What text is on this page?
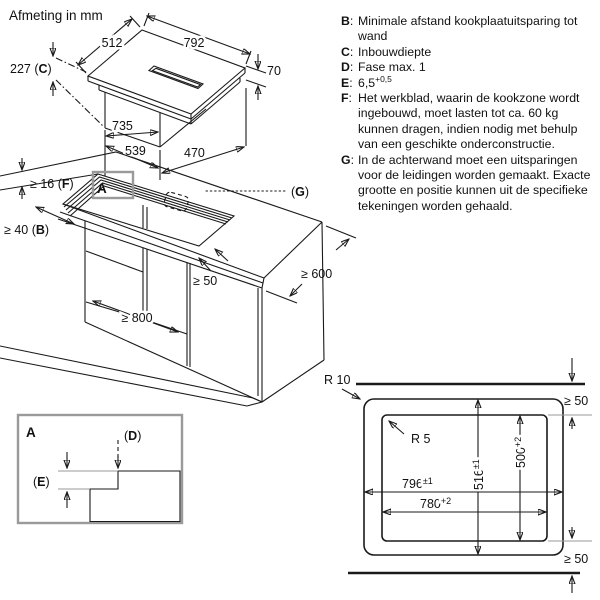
Afmeting in mm	B: Minimale afstand kookplaatuitsparing tot wand
C: Inbouwdiepte
D: Fase max. 1
E: $6,5^{+0,5}$
F: Het werkblad, waarin de kookzone wordt ingebouwd, moet lasten tot ca. 60 kg kunnen dragen, indien nodig met behulp van een geschikte onderconstructie.
G: In de achterwand moet een uitsparingen voor de leidingen worden gemaakt. Exacte grootte en positie kunnen uit de specifieke tekeningen worden gehaald.
512	792
70
227 (C)
735
539	470
A	(G)
≥ 16 (F)
≥ 40 (B)
≥ 50	≥ 600
≥ 800
A	(D)
(E)
R 10
R 5
$516^{\pm 1}$	$500^{+2}$
$796^{\pm 1}$
$780^{+2}$
≥ 50
≥ 50
